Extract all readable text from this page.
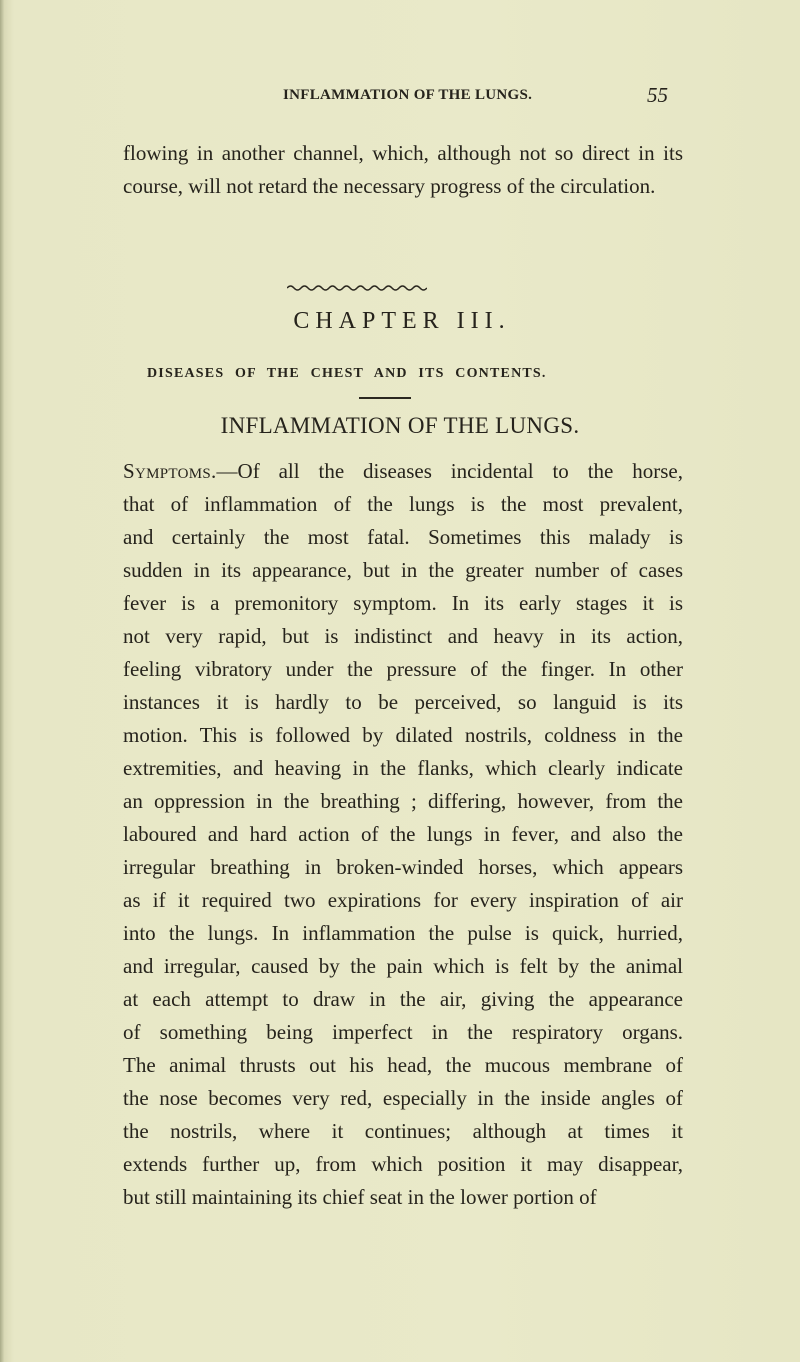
INFLAMMATION OF THE LUNGS.	55
flowing in another channel, which, although not so direct in its
course, will not retard the necessary progress of the circulation.
CHAPTER III.
DISEASES OF THE CHEST AND ITS CONTENTS.
INFLAMMATION OF THE LUNGS.
Symptoms.—Of all the diseases incidental to the horse,
that of inflammation of the lungs is the most prevalent,
and certainly the most fatal. Sometimes this malady is
sudden in its appearance, but in the greater number of cases
fever is a premonitory symptom. In its early stages it is
not very rapid, but is indistinct and heavy in its action,
feeling vibratory under the pressure of the finger. In other
instances it is hardly to be perceived, so languid is its
motion. This is followed by dilated nostrils, coldness in the
extremities, and heaving in the flanks, which clearly indicate
an oppression in the breathing ; differing, however, from the
laboured and hard action of the lungs in fever, and also the
irregular breathing in broken-winded horses, which appears
as if it required two expirations for every inspiration of air
into the lungs. In inflammation the pulse is quick, hurried,
and irregular, caused by the pain which is felt by the animal
at each attempt to draw in the air, giving the appearance
of something being imperfect in the respiratory organs.
The animal thrusts out his head, the mucous membrane of
the nose becomes very red, especially in the inside angles of
the nostrils, where it continues; although at times it
extends further up, from which position it may disappear,
but still maintaining its chief seat in the lower portion of
